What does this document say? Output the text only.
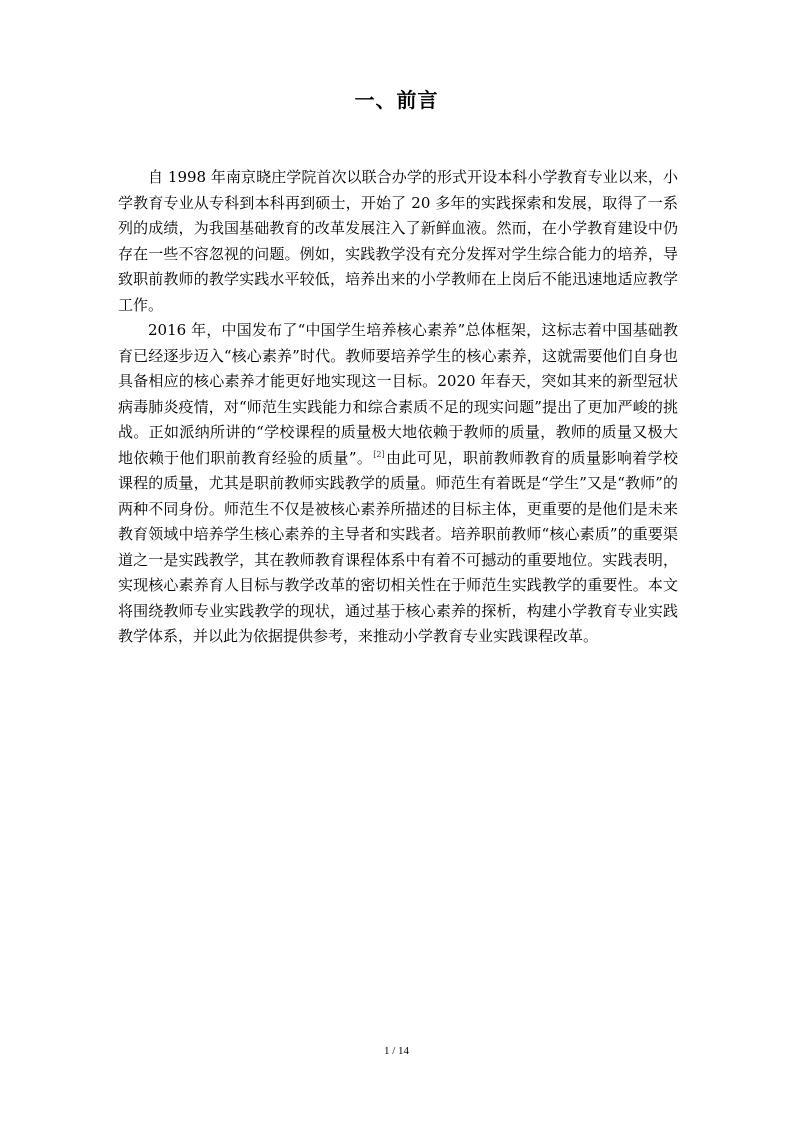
一、前言

自 1998 年南京晓庄学院首次以联合办学的形式开设本科小学教育专业以来，小学教育专业从专科到本科再到硕士，开始了 20 多年的实践探索和发展，取得了一系列的成绩，为我国基础教育的改革发展注入了新鲜血液。然而，在小学教育建设中仍存在一些不容忽视的问题。例如，实践教学没有充分发挥对学生综合能力的培养，导致职前教师的教学实践水平较低，培养出来的小学教师在上岗后不能迅速地适应教学工作。

2016 年，中国发布了“中国学生培养核心素养”总体框架，这标志着中国基础教育已经逐步迈入“核心素养”时代。教师要培养学生的核心素养，这就需要他们自身也具备相应的核心素养才能更好地实现这一目标。2020 年春天，突如其来的新型冠状病毒肺炎疫情，对“师范生实践能力和综合素质不足的现实问题”提出了更加严峻的挑战。正如派纳所讲的“学校课程的质量极大地依赖于教师的质量，教师的质量又极大地依赖于他们职前教育经验的质量”。[2]由此可见，职前教师教育的质量影响着学校课程的质量，尤其是职前教师实践教学的质量。师范生有着既是“学生”又是“教师”的两种不同身份。师范生不仅是被核心素养所描述的目标主体，更重要的是他们是未来教育领域中培养学生核心素养的主导者和实践者。培养职前教师“核心素质”的重要渠道之一是实践教学，其在教师教育课程体系中有着不可撼动的重要地位。实践表明，实现核心素养育人目标与教学改革的密切相关性在于师范生实践教学的重要性。本文将围绕教师专业实践教学的现状，通过基于核心素养的探析，构建小学教育专业实践教学体系，并以此为依据提供参考，来推动小学教育专业实践课程改革。

1 / 14
